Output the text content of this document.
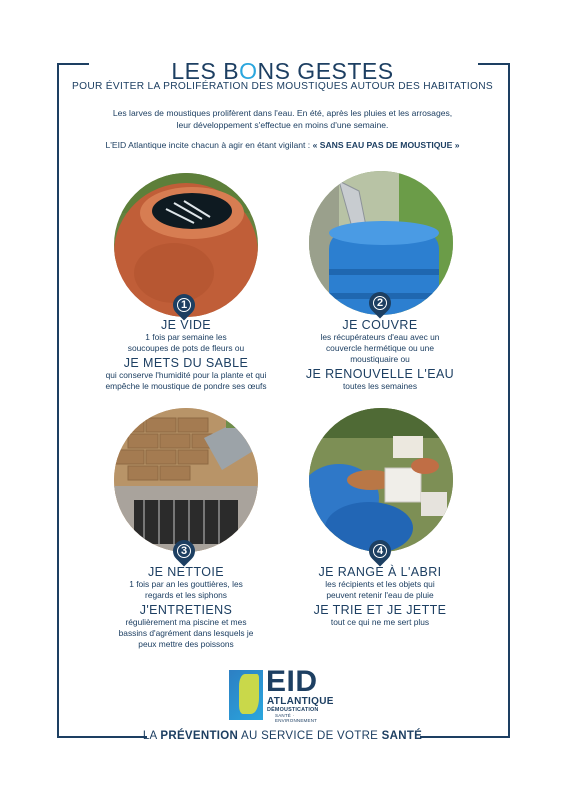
LES BONS GESTES
POUR ÉVITER LA PROLIFÉRATION DES MOUSTIQUES AUTOUR DES HABITATIONS
Les larves de moustiques prolifèrent dans l'eau. En été, après les pluies et les arrosages, leur développement s'effectue en moins d'une semaine.
L'EID Atlantique incite chacun à agir en étant vigilant : « SANS EAU PAS DE MOUSTIQUE »
1	2
JE VIDE
1 fois par semaine les soucoupes de pots de fleurs ou
JE METS DU SABLE
qui conserve l'humidité pour la plante et qui empêche le moustique de pondre ses œufs
JE COUVRE
les récupérateurs d'eau avec un couvercle hermétique ou une moustiquaire ou
JE RENOUVELLE L'EAU
toutes les semaines
3	4
JE NETTOIE
1 fois par an les gouttières, les regards et les siphons
J'ENTRETIENS
régulièrement ma piscine et mes bassins d'agrément dans lesquels je peux mettre des poissons
JE RANGE À L'ABRI
les récipients et les objets qui peuvent retenir l'eau de pluie
JE TRIE ET JE JETTE
tout ce qui ne me sert plus
EID
ATLANTIQUE
DÉMOUSTICATION
SANTÉ · ENVIRONNEMENT
LA PRÉVENTION AU SERVICE DE VOTRE SANTÉ
